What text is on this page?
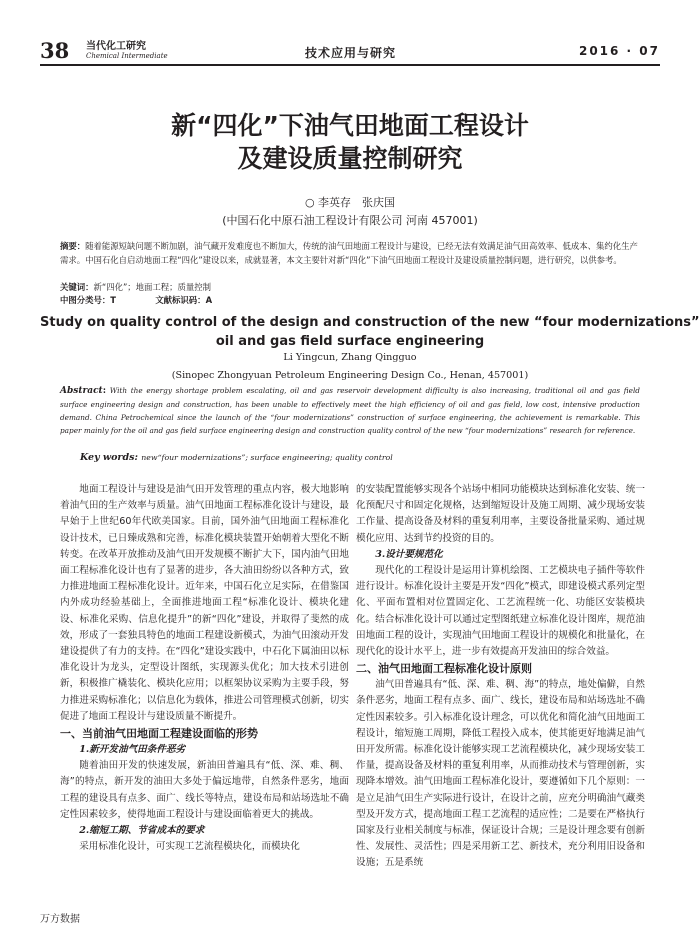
38 当代化工研究
Chemical Intermediate	技术应用与研究	2016 · 07
新“四化”下油气田地面工程设计
及建设质量控制研究
○ 李英存　张庆国
(中国石化中原石油工程设计有限公司 河南 457001)
摘要：随着能源短缺问题不断加剧，油气藏开发难度也不断加大，传统的油气田地面工程设计与建设，已经无法有效满足油气田高效率、低成本、集约化生产需求。中国石化自启动地面工程“四化”建设以来，成就显著，本文主要针对新“四化”下油气田地面工程设计及建设质量控制问题，进行研究，以供参考。
关键词：新“四化”；地面工程；质量控制
中图分类号：T	文献标识码：A
Study on quality control of the design and construction of the new “four modernizations”
oil and gas field surface engineering
Li Yingcun, Zhang Qingguo
(Sinopec Zhongyuan Petroleum Engineering Design Co., Henan, 457001)
Abstract: With the energy shortage problem escalating, oil and gas reservoir development difficulty is also increasing, traditional oil and gas field surface engineering design and construction, has been unable to effectively meet the high efficiency of oil and gas field, low cost, intensive production demand. China Petrochemical since the launch of the “four modernizations” construction of surface engineering, the achievement is remarkable. This paper mainly for the oil and gas field surface engineering design and construction quality control of the new “four modernizations” research for reference.
Key words: new“four modernizations”; surface engineering; quality control

地面工程设计与建设是油气田开发管理的重点内容，极大地影响着油气田的生产效率与质量。油气田地面工程标准化设计与建设，最早始于上世纪60年代欧美国家。目前，国外油气田地面工程标准化设计技术，已日臻成熟和完善，标准化模块装置开始朝着大型化不断转变。在改革开放推动及油气田开发规模不断扩大下，国内油气田地面工程标准化设计也有了显著的进步，各大油田纷纷以各种方式，致力推进地面工程标准化设计。近年来，中国石化立足实际，在借鉴国内外成功经验基础上，全面推进地面工程“标准化设计、模块化建设、标准化采购、信息化提升”的新“四化”建设，并取得了斐然的成效，形成了一套独具特色的地面工程建设新模式，为油气田滚动开发建设提供了有力的支持。在“四化”建设实践中，中石化下属油田以标准化设计为龙头，定型设计图纸，实现源头优化；加大技术引进创新，积极推广橇装化、模块化应用；以框架协议采购为主要手段，努力推进采购标准化；以信息化为载体，推进公司管理模式创新，切实促进了地面工程设计与建设质量不断提升。

一、当前油气田地面工程建设面临的形势
1.新开发油气田条件恶劣

随着油田开发的快速发展，新油田普遍具有“低、深、难、稠、海”的特点，新开发的油田大多处于偏远地带，自然条件恶劣，地面工程的建设具有点多、面广、线长等特点，建设布局和站场选址不确定性因素较多，使得地面工程设计与建设面临着更大的挑战。

2.缩短工期、节省成本的要求

采用标准化设计，可实现工艺流程模块化，而模块化

的安装配置能够实现各个站场中相同功能模块达到标准化安装、统一化预配尺寸和固定化规格，达到缩短设计及施工周期、减少现场安装工作量、提高设备及材料的重复利用率，主要设备批量采购、通过规模化应用、达到节约投资的目的。

3.设计要规范化

现代化的工程设计是运用计算机绘图、工艺模块电子插件等软件进行设计。标准化设计主要是开发“四化”模式，即建设模式系列定型化、平面布置相对位置固定化、工艺流程统一化、功能区安装模块化。结合标准化设计可以通过定型图纸建立标准化设计图库，规范油田地面工程的设计，实现油气田地面工程设计的规模化和批量化，在现代化的设计水平上，进一步有效提高开发油田的综合效益。

二、油气田地面工程标准化设计原则

油气田普遍具有“低、深、难、稠、海”的特点，地处偏僻，自然条件恶劣，地面工程有点多、面广、线长，建设布局和站场选址不确定性因素较多。引入标准化设计理念，可以优化和简化油气田地面工程设计，缩短施工周期，降低工程投入成本，使其能更好地满足油气田开发所需。标准化设计能够实现工艺流程模块化，减少现场安装工作量，提高设备及材料的重复利用率，从而推动技术与管理创新，实现降本增效。油气田地面工程标准化设计，要遵循如下几个原则：一是立足油气田生产实际进行设计，在设计之前，应充分明确油气藏类型及开发方式，提高地面工程工艺流程的适应性；二是要在严格执行国家及行业相关制度与标准，保证设计合规；三是设计理念要有创新性、发展性、灵活性；四是采用新工艺、新技术，充分利用旧设备和设施；五是系统

万方数据
